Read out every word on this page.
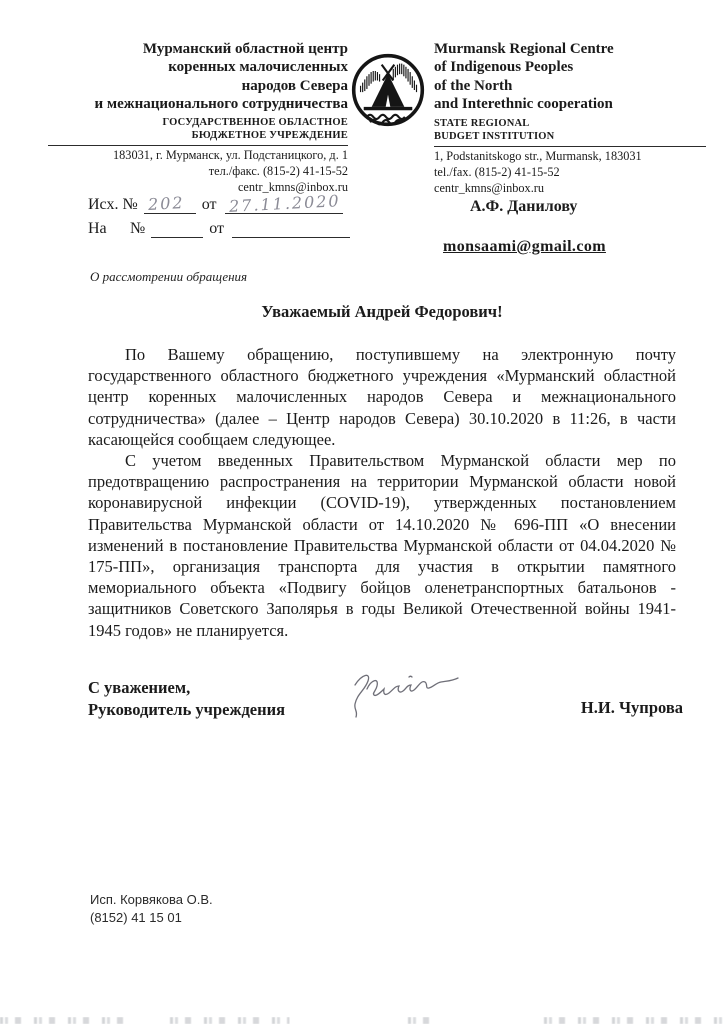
Мурманский областной центр
коренных малочисленных
народов Севера
и межнационального сотрудничества
ГОСУДАРСТВЕННОЕ ОБЛАСТНОЕ
БЮДЖЕТНОЕ УЧРЕЖДЕНИЕ
183031, г. Мурманск, ул. Подстаницкого, д. 1
тел./факс. (815-2) 41-15-52
centr_kmns@inbox.ru
Murmansk Regional Centre
of Indigenous Peoples
of the North
and Interethnic cooperation
STATE REGIONAL
BUDGET INSTITUTION
1, Podstanitskogo str., Murmansk, 183031
tel./fax. (815-2) 41-15-52
centr_kmns@inbox.ru
Исх. № 202 от 27.11.2020
На №	от
А.Ф. Данилову
monsaami@gmail.com
О рассмотрении обращения
Уважаемый Андрей Федорович!

По Вашему обращению, поступившему на электронную почту государственного областного бюджетного учреждения «Мурманский областной центр коренных малочисленных народов Севера и межнационального сотрудничества» (далее – Центр народов Севера) 30.10.2020 в 11:26, в части касающейся сообщаем следующее.

С учетом введенных Правительством Мурманской области мер по предотвращению распространения на территории Мурманской области новой коронавирусной инфекции (COVID-19), утвержденных постановлением Правительства Мурманской области от 14.10.2020 № 696-ПП «О внесении изменений в постановление Правительства Мурманской области от 04.04.2020 № 175-ПП», организация транспорта для участия в открытии памятного мемориального объекта «Подвигу бойцов оленетранспортных батальонов - защитников Советского Заполярья в годы Великой Отечественной войны 1941-1945 годов» не планируется.

С уважением,
Руководитель учреждения	Н.И. Чупрова
Исп. Корвякова О.В.
(8152) 41 15 01
